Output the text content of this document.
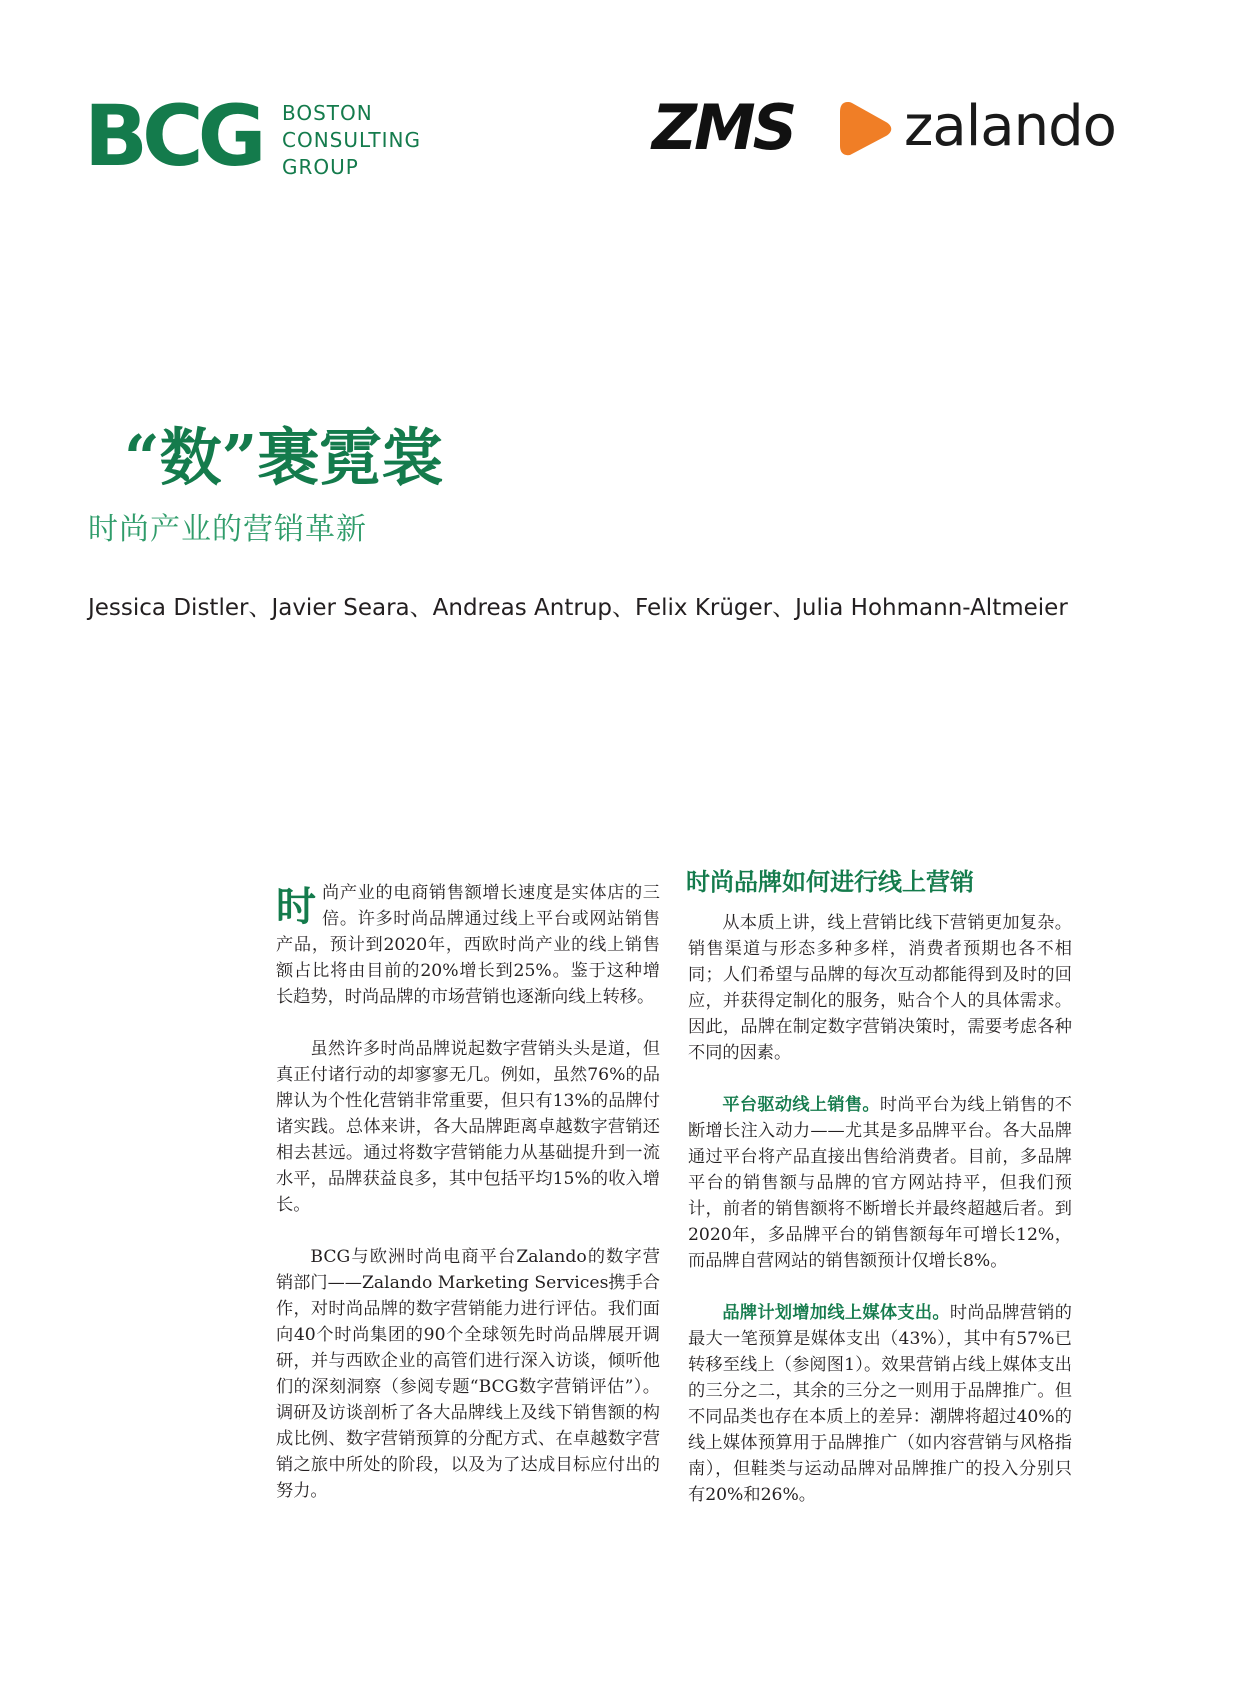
BCG BOSTON
CONSULTING
GROUP
ZMS zalando
“数”裹霓裳
时尚产业的营销革新
Jessica Distler、Javier Seara、Andreas Antrup、Felix Krüger、Julia Hohmann-Altmeier

时尚产业的电商销售额增长速度是实体店的三倍。许多时尚品牌通过线上平台或网站销售产品，预计到2020年，西欧时尚产业的线上销售额占比将由目前的20%增长到25%。鉴于这种增长趋势，时尚品牌的市场营销也逐渐向线上转移。

虽然许多时尚品牌说起数字营销头头是道，但真正付诸行动的却寥寥无几。例如，虽然76%的品牌认为个性化营销非常重要，但只有13%的品牌付诸实践。总体来讲，各大品牌距离卓越数字营销还相去甚远。通过将数字营销能力从基础提升到一流水平，品牌获益良多，其中包括平均15%的收入增长。

BCG与欧洲时尚电商平台Zalando的数字营销部门——Zalando Marketing Services携手合作，对时尚品牌的数字营销能力进行评估。我们面向40个时尚集团的90个全球领先时尚品牌展开调研，并与西欧企业的高管们进行深入访谈，倾听他们的深刻洞察（参阅专题“BCG数字营销评估”）。调研及访谈剖析了各大品牌线上及线下销售额的构成比例、数字营销预算的分配方式、在卓越数字营销之旅中所处的阶段，以及为了达成目标应付出的努力。

时尚品牌如何进行线上营销

从本质上讲，线上营销比线下营销更加复杂。销售渠道与形态多种多样，消费者预期也各不相同；人们希望与品牌的每次互动都能得到及时的回应，并获得定制化的服务，贴合个人的具体需求。因此，品牌在制定数字营销决策时，需要考虑各种不同的因素。

平台驱动线上销售。时尚平台为线上销售的不断增长注入动力——尤其是多品牌平台。各大品牌通过平台将产品直接出售给消费者。目前，多品牌平台的销售额与品牌的官方网站持平，但我们预计，前者的销售额将不断增长并最终超越后者。到2020年，多品牌平台的销售额每年可增长12%，而品牌自营网站的销售额预计仅增长8%。

品牌计划增加线上媒体支出。时尚品牌营销的最大一笔预算是媒体支出（43%），其中有57%已转移至线上（参阅图1）。效果营销占线上媒体支出的三分之二，其余的三分之一则用于品牌推广。但不同品类也存在本质上的差异：潮牌将超过40%的线上媒体预算用于品牌推广（如内容营销与风格指南），但鞋类与运动品牌对品牌推广的投入分别只有20%和26%。
